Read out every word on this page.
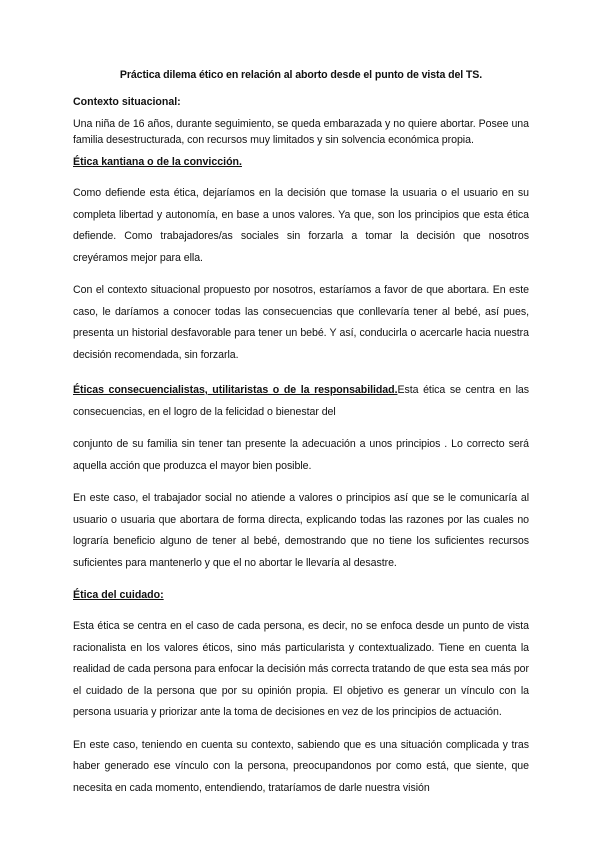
Práctica dilema ético en relación al aborto desde el punto de vista del TS.
Contexto situacional:

Una niña de 16 años, durante seguimiento, se queda embarazada y no quiere abortar. Posee una familia desestructurada, con recursos muy limitados y sin solvencia económica propia.

Ética kantiana o de la convicción.

Como defiende esta ética, dejaríamos en la decisión que tomase la usuaria o el usuario en su completa libertad y autonomía, en base a unos valores. Ya que, son los principios que esta ética defiende. Como trabajadores/as sociales sin forzarla a tomar la decisión que nosotros creyéramos mejor para ella.

Con el contexto situacional propuesto por nosotros, estaríamos a favor de que abortara. En este caso, le daríamos a conocer todas las consecuencias que conllevaría tener al bebé, así pues, presenta un historial desfavorable para tener un bebé. Y así, conducirla o acercarle hacia nuestra decisión recomendada, sin forzarla.

Éticas consecuencialistas, utilitaristas o de la responsabilidad.Esta ética se centra en las consecuencias, en el logro de la felicidad o bienestar del

conjunto de su familia sin tener tan presente la adecuación a unos principios . Lo correcto será aquella acción que produzca el mayor bien posible.

En este caso, el trabajador social no atiende a valores o principios así que se le comunicaría al usuario o usuaria que abortara de forma directa, explicando todas las razones por las cuales no lograría beneficio alguno de tener al bebé, demostrando que no tiene los suficientes recursos suficientes para mantenerlo y que el no abortar le llevaría al desastre.

Ética del cuidado:

Esta ética se centra en el caso de cada persona, es decir, no se enfoca desde un punto de vista racionalista en los valores éticos, sino más particularista y contextualizado. Tiene en cuenta la realidad de cada persona para enfocar la decisión más correcta tratando de que esta sea más por el cuidado de la persona que por su opinión propia. El objetivo es generar un vínculo con la persona usuaria y priorizar ante la toma de decisiones en vez de los principios de actuación.

En este caso, teniendo en cuenta su contexto, sabiendo que es una situación complicada y tras haber generado ese vínculo con la persona, preocupandonos por como está, que siente, que necesita en cada momento, entendiendo, trataríamos de darle nuestra visión
